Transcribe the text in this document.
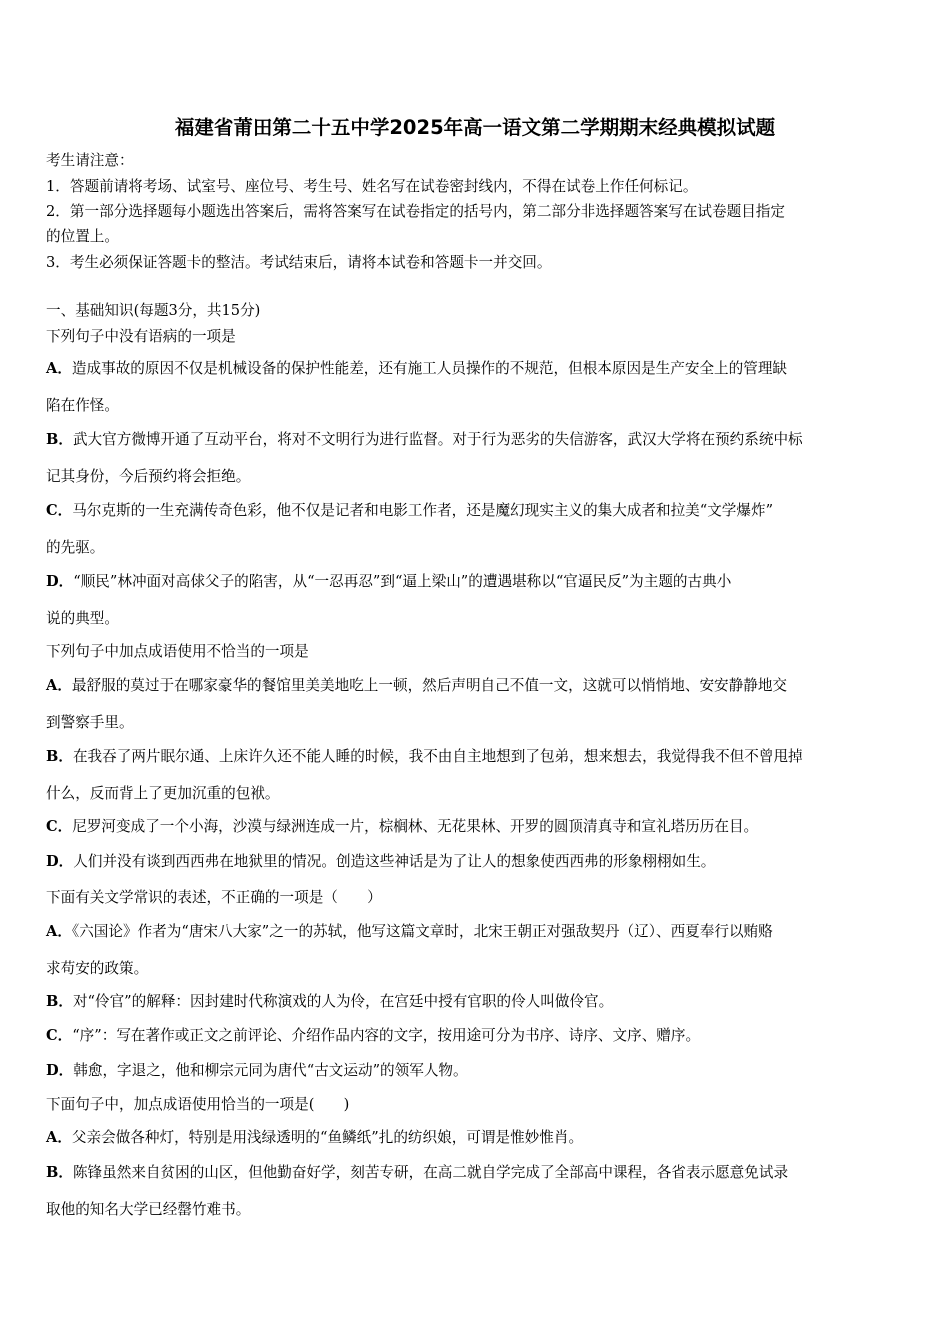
福建省莆田第二十五中学2025年高一语文第二学期期末经典模拟试题
考生请注意：
1．答题前请将考场、试室号、座位号、考生号、姓名写在试卷密封线内，不得在试卷上作任何标记。
2．第一部分选择题每小题选出答案后，需将答案写在试卷指定的括号内，第二部分非选择题答案写在试卷题目指定
的位置上。
3．考生必须保证答题卡的整洁。考试结束后，请将本试卷和答题卡一并交回。
一、基础知识(每题3分，共15分)
下列句子中没有语病的一项是
A．造成事故的原因不仅是机械设备的保护性能差，还有施工人员操作的不规范，但根本原因是生产安全上的管理缺
陷在作怪。
B．武大官方微博开通了互动平台，将对不文明行为进行监督。对于行为恶劣的失信游客，武汉大学将在预约系统中标
记其身份，今后预约将会拒绝。
C．马尔克斯的一生充满传奇色彩，他不仅是记者和电影工作者，还是魔幻现实主义的集大成者和拉美“文学爆炸”
的先驱。
D．“顺民”林冲面对高俅父子的陷害，从“一忍再忍”到“逼上梁山”的遭遇堪称以“官逼民反”为主题的古典小
说的典型。
下列句子中加点成语使用不恰当的一项是
A．最舒服的莫过于在哪家豪华的餐馆里美美地吃上一顿，然后声明自己不值一文，这就可以悄悄地、安安静静地交
到警察手里。
B．在我吞了两片眠尔通、上床许久还不能人睡的时候，我不由自主地想到了包弟，想来想去，我觉得我不但不曾甩掉
什么，反而背上了更加沉重的包袱。
C．尼罗河变成了一个小海，沙漠与绿洲连成一片，棕榈林、无花果林、开罗的圆顶清真寺和宣礼塔历历在目。
D．人们并没有谈到西西弗在地狱里的情况。创造这些神话是为了让人的想象使西西弗的形象栩栩如生。
下面有关文学常识的表述，不正确的一项是（　　）
A．《六国论》作者为“唐宋八大家”之一的苏轼，他写这篇文章时，北宋王朝正对强敌契丹（辽）、西夏奉行以贿赂
求苟安的政策。
B．对“伶官”的解释：因封建时代称演戏的人为伶，在宫廷中授有官职的伶人叫做伶官。
C．“序”：写在著作或正文之前评论、介绍作品内容的文字，按用途可分为书序、诗序、文序、赠序。
D．韩愈，字退之，他和柳宗元同为唐代“古文运动”的领军人物。
下面句子中，加点成语使用恰当的一项是(　　)
A．父亲会做各种灯，特别是用浅绿透明的“鱼鳞纸”扎的纺织娘，可谓是惟妙惟肖。
B．陈锋虽然来自贫困的山区，但他勤奋好学，刻苦专研，在高二就自学完成了全部高中课程，各省表示愿意免试录
取他的知名大学已经罄竹难书。
